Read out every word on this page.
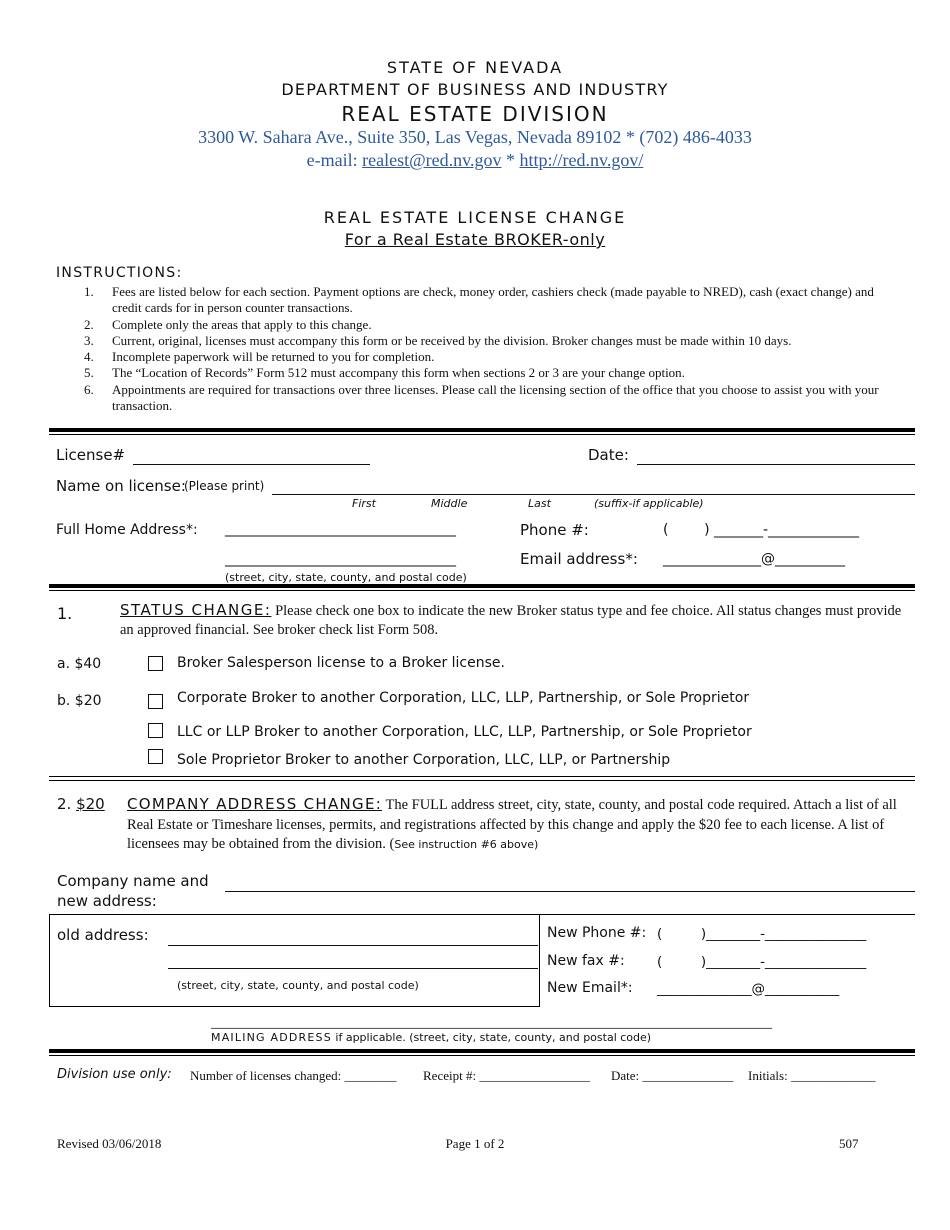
STATE OF NEVADA
DEPARTMENT OF BUSINESS AND INDUSTRY
REAL ESTATE DIVISION
3300 W. Sahara Ave., Suite 350, Las Vegas, Nevada 89102 * (702) 486-4033
e-mail: realest@red.nv.gov * http://red.nv.gov/
REAL ESTATE LICENSE CHANGE
For a Real Estate BROKER-only
INSTRUCTIONS:
1. Fees are listed below for each section. Payment options are check, money order, cashiers check (made payable to NRED), cash (exact change) and credit cards for in person counter transactions.
2. Complete only the areas that apply to this change.
3. Current, original, licenses must accompany this form or be received by the division. Broker changes must be made within 10 days.
4. Incomplete paperwork will be returned to you for completion.
5. The “Location of Records” Form 512 must accompany this form when sections 2 or 3 are your change option.
6. Appointments are required for transactions over three licenses. Please call the licensing section of the office that you choose to assist you with your transaction.
License#	Date:
Name on license:
(Please print)
First	Middle	Last	(suffix-if applicable)
Full Home Address*: _________________________________
_________________________________
(street, city, state, county, and postal code)
Phone #:	(        ) _______-_____________
Email address*: ______________@__________
1.	STATUS CHANGE: Please check one box to indicate the new Broker status type and fee choice. All status changes must provide an approved financial. See broker check list Form 508.
a. $40	Broker Salesperson license to a Broker license.
b. $20	Corporate Broker to another Corporation, LLC, LLP, Partnership, or Sole Proprietor
LLC or LLP Broker to another Corporation, LLC, LLP, Partnership, or Sole Proprietor
Sole Proprietor Broker to another Corporation, LLC, LLP, or Partnership
2. $20 COMPANY ADDRESS CHANGE: The FULL address street, city, state, county, and postal code required. Attach a list of all Real Estate or Timeshare licenses, permits, and registrations affected by this change and apply the $20 fee to each license. A list of licensees may be obtained from the division. (See instruction #6 above)
Company name and
new address:
old address:
(street, city, state, county, and postal code)
New Phone #: (         )________-_______________
New fax #: (         )________-_______________
New Email*: ______________@___________
______________________________________________________________________________________________________
MAILING ADDRESS if applicable. (street, city, state, county, and postal code)
Division use only: Number of licenses changed: ________ Receipt #: _________________ Date: ______________ Initials: _____________
Revised 03/06/2018	Page 1 of 2	507
